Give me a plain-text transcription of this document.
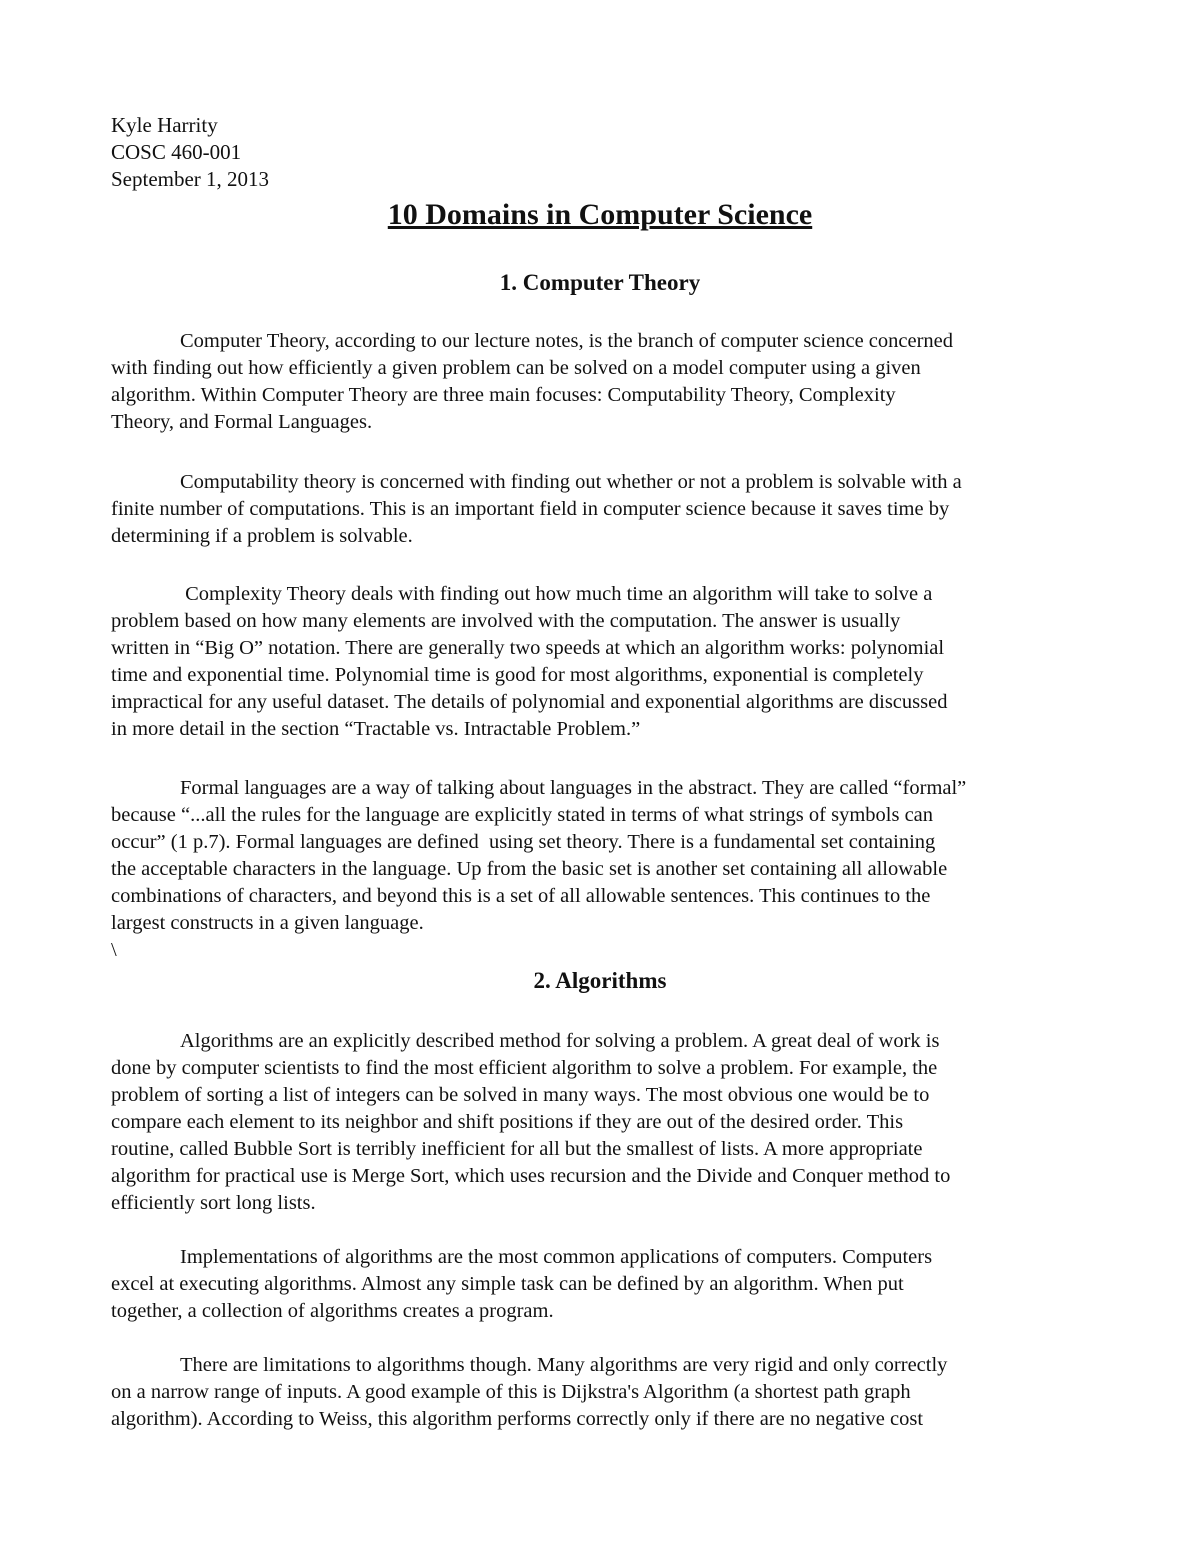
Kyle Harrity
COSC 460-001
September 1, 2013
10 Domains in Computer Science
1. Computer Theory

Computer Theory, according to our lecture notes, is the branch of computer science concerned
with finding out how efficiently a given problem can be solved on a model computer using a given
algorithm. Within Computer Theory are three main focuses: Computability Theory, Complexity
Theory, and Formal Languages.

Computability theory is concerned with finding out whether or not a problem is solvable with a
finite number of computations. This is an important field in computer science because it saves time by
determining if a problem is solvable.

Complexity Theory deals with finding out how much time an algorithm will take to solve a
problem based on how many elements are involved with the computation. The answer is usually
written in “Big O” notation. There are generally two speeds at which an algorithm works: polynomial
time and exponential time. Polynomial time is good for most algorithms, exponential is completely
impractical for any useful dataset. The details of polynomial and exponential algorithms are discussed
in more detail in the section “Tractable vs. Intractable Problem.”

Formal languages are a way of talking about languages in the abstract. They are called “formal”
because “...all the rules for the language are explicitly stated in terms of what strings of symbols can
occur” (1 p.7). Formal languages are defined  using set theory. There is a fundamental set containing
the acceptable characters in the language. Up from the basic set is another set containing all allowable
combinations of characters, and beyond this is a set of all allowable sentences. This continues to the
largest constructs in a given language.
\

2. Algorithms

Algorithms are an explicitly described method for solving a problem. A great deal of work is
done by computer scientists to find the most efficient algorithm to solve a problem. For example, the
problem of sorting a list of integers can be solved in many ways. The most obvious one would be to
compare each element to its neighbor and shift positions if they are out of the desired order. This
routine, called Bubble Sort is terribly inefficient for all but the smallest of lists. A more appropriate
algorithm for practical use is Merge Sort, which uses recursion and the Divide and Conquer method to
efficiently sort long lists.

Implementations of algorithms are the most common applications of computers. Computers
excel at executing algorithms. Almost any simple task can be defined by an algorithm. When put
together, a collection of algorithms creates a program.

There are limitations to algorithms though. Many algorithms are very rigid and only correctly
on a narrow range of inputs. A good example of this is Dijkstra's Algorithm (a shortest path graph
algorithm). According to Weiss, this algorithm performs correctly only if there are no negative cost
